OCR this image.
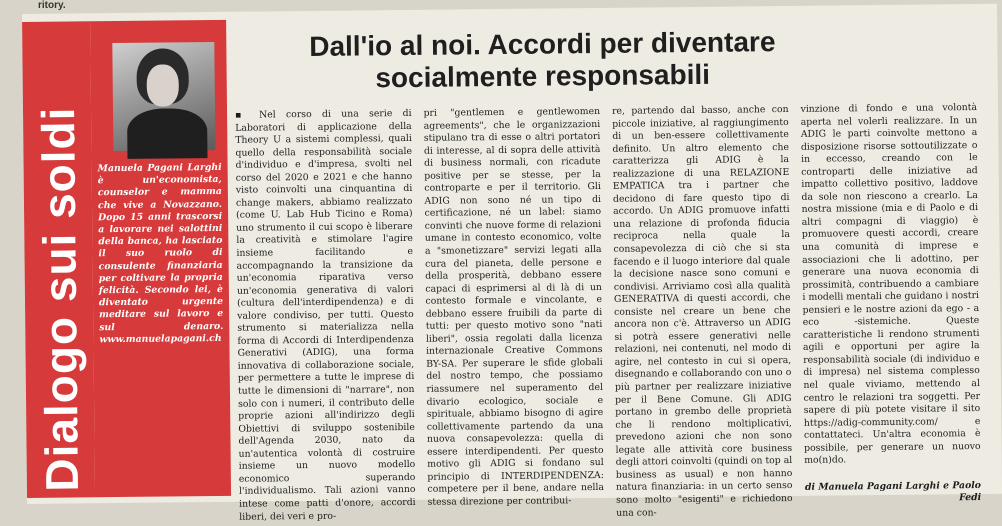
ritory.
Dialogo sui soldi Manuela Pagani Larghi è un'economista, counselor e mamma che vive a Novazzano. Dopo 15 anni trascorsi a lavorare nei salottini della banca, ha lasciato il suo ruolo di consulente finanziaria per coltivare la propria felicità. Secondo lei, è diventato urgente meditare sul lavoro e sul denaro. www.manuelapagani.ch
Dall'io al noi. Accordi per diventare socialmente responsabili

▪ Nel corso di una serie di Laboratori di applicazione della Theory U a sistemi complessi, quali quello della responsabilità sociale d'individuo e d'impresa, svolti nel corso del 2020 e 2021 e che hanno visto coinvolti una cinquantina di change makers, abbiamo realizzato (come U. Lab Hub Ticino e Roma) uno strumento il cui scopo è liberare la creatività e stimolare l'agire insieme facilitando e accompagnando la transizione da un'economia riparativa verso un'economia generativa di valori (cultura dell'interdipendenza) e di valore condiviso, per tutti. Questo strumento si materializza nella forma di Accordi di Interdipendenza Generativi (ADIG), una forma innovativa di collaborazione sociale, per permettere a tutte le imprese di tutte le dimensioni di "narrare", non solo con i numeri, il contributo delle proprie azioni all'indirizzo degli Obiettivi di sviluppo sostenibile dell'Agenda 2030, nato da un'autentica volontà di costruire insieme un nuovo modello economico superando l'individualismo. Tali azioni vanno intese come patti d'onore, accordi liberi, dei veri e pro-

pri "gentlemen e gentlewomen agreements", che le organizzazioni stipulano tra di esse o altri portatori di interesse, al di sopra delle attività di business normali, con ricadute positive per se stesse, per la controparte e per il territorio. Gli ADIG non sono né un tipo di certificazione, né un label: siamo convinti che nuove forme di relazioni umane in contesto economico, volte a "smonetizzare" servizi legati alla cura del pianeta, delle persone e della prosperità, debbano essere capaci di esprimersi al di là di un contesto formale e vincolante, e debbano essere fruibili da parte di tutti: per questo motivo sono "nati liberi", ossia regolati dalla licenza internazionale Creative Commons BY-SA. Per superare le sfide globali del nostro tempo, che possiamo riassumere nel superamento del divario ecologico, sociale e spirituale, abbiamo bisogno di agire collettivamente partendo da una nuova consapevolezza: quella di essere interdipendenti. Per questo motivo gli ADIG si fondano sul principio di INTERDIPENDENZA: competere per il bene, andare nella stessa direzione per contribui-

re, partendo dal basso, anche con piccole iniziative, al raggiungimento di un ben-essere collettivamente definito. Un altro elemento che caratterizza gli ADIG è la realizzazione di una RELAZIONE EMPATICA tra i partner che decidono di fare questo tipo di accordo. Un ADIG promuove infatti una relazione di profonda fiducia reciproca nella quale la consapevolezza di ciò che si sta facendo e il luogo interiore dal quale la decisione nasce sono comuni e condivisi. Arriviamo così alla qualità GENERATIVA di questi accordi, che consiste nel creare un bene che ancora non c'è. Attraverso un ADIG si potrà essere generativi nelle relazioni, nei contenuti, nel modo di agire, nel contesto in cui si opera, disegnando e collaborando con uno o più partner per realizzare iniziative per il Bene Comune. Gli ADIG portano in grembo delle proprietà che li rendono moltiplicativi, prevedono azioni che non sono legate alle attività core business degli attori coinvolti (quindi on top al business as usual) e non hanno natura finanziaria: in un certo senso sono molto "esigenti" e richiedono una con-

vinzione di fondo e una volontà aperta nel volerli realizzare. In un ADIG le parti coinvolte mettono a disposizione risorse sottoutilizzate o in eccesso, creando con le controparti delle iniziative ad impatto collettivo positivo, laddove da sole non riescono a crearlo. La nostra missione (mia e di Paolo e di altri compagni di viaggio) è promuovere questi accordi, creare una comunità di imprese e associazioni che li adottino, per generare una nuova economia di prossimità, contribuendo a cambiare i modelli mentali che guidano i nostri pensieri e le nostre azioni da ego - a eco -sistemiche. Queste caratteristiche li rendono strumenti agili e opportuni per agire la responsabilità sociale (di individuo e di impresa) nel sistema complesso nel quale viviamo, mettendo al centro le relazioni tra soggetti. Per sapere di più potete visitare il sito https://adig-community.com/ e contattateci. Un'altra economia è possibile, per generare un nuovo mo(n)do.

di Manuela Pagani Larghi e Paolo Fedi
